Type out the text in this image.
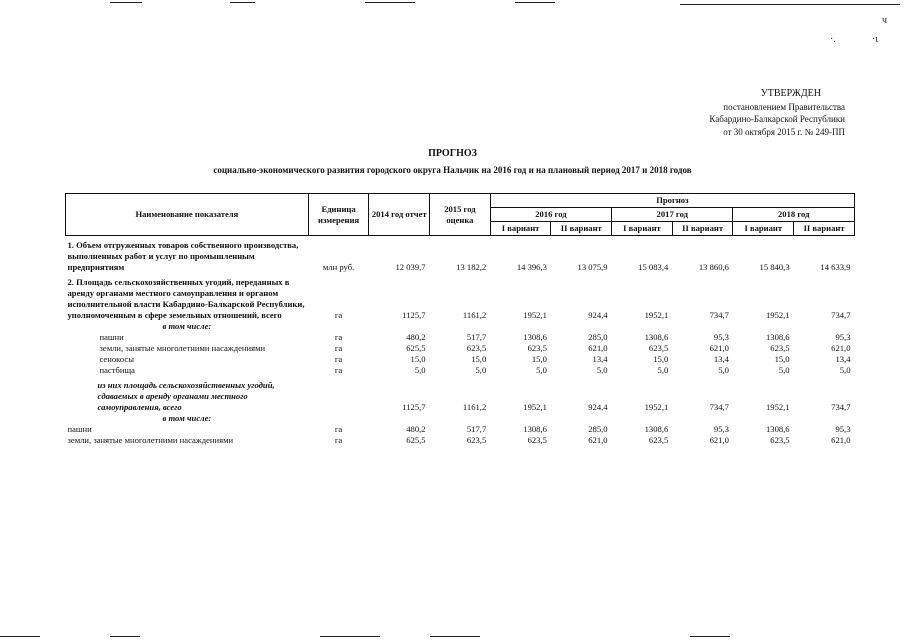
ч
·.	·ι
УТВЕРЖДЕН
постановлением Правительства
Кабардино-Балкарской Республики
от 30 октября 2015 г. № 249-ПП
ПРОГНОЗ
социально-экономического развития городского округа Нальчик на 2016 год и на плановый период 2017 и 2018 годов
Наименование показателя	Единица измерения	2014 год отчет	2015 год оценка	Прогноз					
				2016 год		2017 год		2018 год	
				I вариант	II вариант	I вариант	II вариант	I вариант	II вариант

1. Объем отгруженных товаров собственного производства, выполненных работ и услуг по промышленным предприятиям	млн руб.	12 039,7	13 182,2	14 396,3	13 075,9	15 083,4	13 860,6	15 840,3	14 633,9

2. Площадь сельскохозяйственных угодий, переданных в аренду органами местного самоуправления и органом исполнительной власти Кабардино-Балкарской Республики, уполномоченным в сфере земельных отношений, всего	га	1125,7	1161,2	1952,1	924,4	1952,1	734,7	1952,1	734,7
в том числе:									
пашни	га	480,2	517,7	1308,6	285,0	1308,6	95,3	1308,6	95,3
земли, занятые многолетними насаждениями	га	625,5	623,5	623,5	621,0	623,5	621,0	623,5	621,0
сенокосы	га	15,0	15,0	15,0	13,4	15,0	13,4	15,0	13,4
пастбища	га	5,0	5,0	5,0	5,0	5,0	5,0	5,0	5,0

из них площадь сельскохозяйственных угодий, сдаваемых в аренду органами местного самоуправления, всего		1125,7	1161,2	1952,1	924,4	1952,1	734,7	1952,1	734,7
в том числе:									
пашни	га	480,2	517,7	1308,6	285,0	1308,6	95,3	1308,6	95,3
земли, занятые многолетними насаждениями	га	625,5	623,5	623,5	621,0	623,5	621,0	623,5	621,0
